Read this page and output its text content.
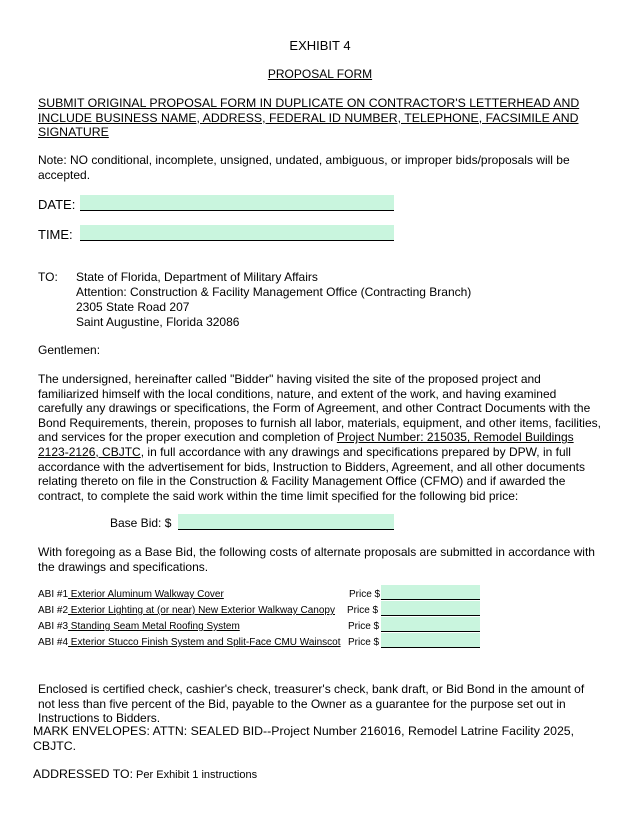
EXHIBIT 4
PROPOSAL FORM
SUBMIT ORIGINAL PROPOSAL FORM IN DUPLICATE ON CONTRACTOR'S LETTERHEAD AND INCLUDE BUSINESS NAME, ADDRESS, FEDERAL ID NUMBER, TELEPHONE, FACSIMILE AND SIGNATURE
Note: NO conditional, incomplete, unsigned, undated, ambiguous, or improper bids/proposals will be accepted.
DATE:
TIME:
TO: State of Florida, Department of Military Affairs
Attention: Construction & Facility Management Office (Contracting Branch)
2305 State Road 207
Saint Augustine, Florida 32086
Gentlemen:
The undersigned, hereinafter called "Bidder" having visited the site of the proposed project and familiarized himself with the local conditions, nature, and extent of the work, and having examined carefully any drawings or specifications, the Form of Agreement, and other Contract Documents with the Bond Requirements, therein, proposes to furnish all labor, materials, equipment, and other items, facilities, and services for the proper execution and completion of Project Number: 215035, Remodel Buildings 2123-2126, CBJTC, in full accordance with any drawings and specifications prepared by DPW, in full accordance with the advertisement for bids, Instruction to Bidders, Agreement, and all other documents relating thereto on file in the Construction & Facility Management Office (CFMO) and if awarded the contract, to complete the said work within the time limit specified for the following bid price:
Base Bid: $
With foregoing as a Base Bid, the following costs of alternate proposals are submitted in accordance with the drawings and specifications.
ABI #1 Exterior Aluminum Walkway Cover	Price $
ABI #2 Exterior Lighting at (or near) New Exterior Walkway Canopy Price $
ABI #3 Standing Seam Metal Roofing System	Price $
ABI #4 Exterior Stucco Finish System and Split-Face CMU Wainscot Price $
Enclosed is certified check, cashier's check, treasurer's check, bank draft, or Bid Bond in the amount of not less than five percent of the Bid, payable to the Owner as a guarantee for the purpose set out in Instructions to Bidders.
MARK ENVELOPES: ATTN: SEALED BID--Project Number 216016, Remodel Latrine Facility 2025, CBJTC.
ADDRESSED TO: Per Exhibit 1 instructions
